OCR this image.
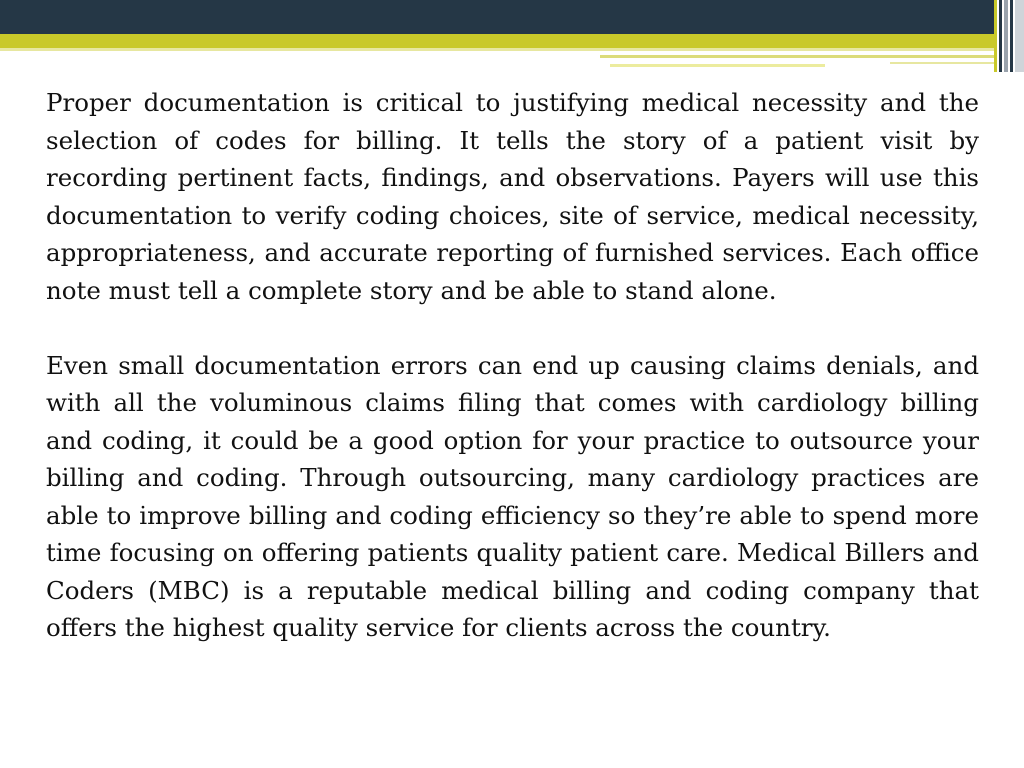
Proper documentation is critical to justifying medical necessity and the selection of codes for billing. It tells the story of a patient visit by recording pertinent facts, findings, and observations. Payers will use this documentation to verify coding choices, site of service, medical necessity, appropriateness, and accurate reporting of furnished services. Each office note must tell a complete story and be able to stand alone.

Even small documentation errors can end up causing claims denials, and with all the voluminous claims filing that comes with cardiology billing and coding, it could be a good option for your practice to outsource your billing and coding. Through outsourcing, many cardiology practices are able to improve billing and coding efficiency so they’re able to spend more time focusing on offering patients quality patient care. Medical Billers and Coders (MBC) is a reputable medical billing and coding company that offers the highest quality service for clients across the country.
